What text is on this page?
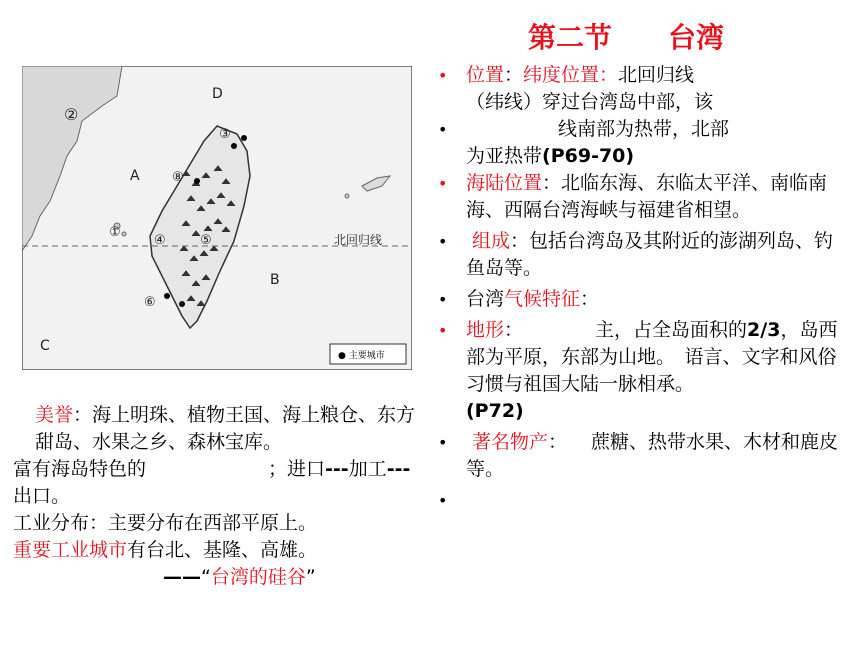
第二节　　台湾
D
A
B
C
②
③
⑧
①
④	⑤
⑥
北回归线
● 主要城市
• 位置：纬度位置：北回归线
（纬线）穿过台湾岛中部，该
•	线南部为热带，北部
为亚热带(P69-70)
• 海陆位置：北临东海、东临太平洋、南临南海、西隔台湾海峡与福建省相望。
• 组成：包括台湾岛及其附近的澎湖列岛、钓鱼岛等。
• 台湾气候特征：
• 地形：	主，占全岛面积的2/3，岛西部为平原，东部为山地。　语言、文字和风俗习惯与祖国大陆一脉相承。
(P72)
• 著名物产： 蔗糖、热带水果、木材和鹿皮等。
•

美誉：海上明珠、植物王国、海上粮仓、东方甜岛、水果之乡、森林宝库。

富有海岛特色的	；进口---加工---出口。

工业分布：主要分布在西部平原上。

重要工业城市有台北、基隆、高雄。

——“台湾的硅谷”
